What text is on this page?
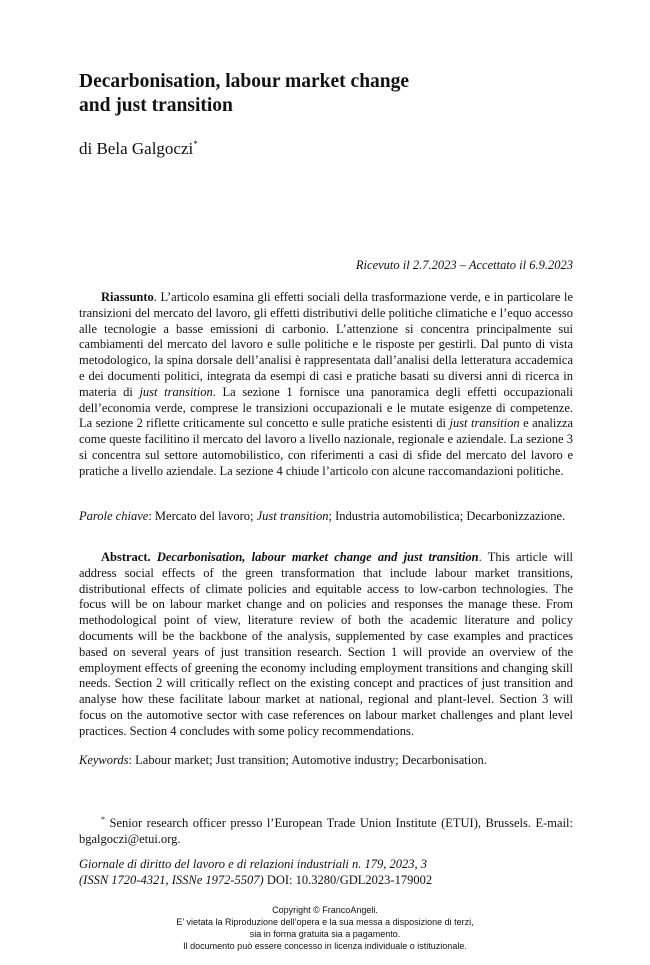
Decarbonisation, labour market change
and just transition
di Bela Galgoczi*
Ricevuto il 2.7.2023 – Accettato il 6.9.2023
Riassunto. L’articolo esamina gli effetti sociali della trasformazione verde, e in particolare le transizioni del mercato del lavoro, gli effetti distributivi delle politiche climatiche e l’equo accesso alle tecnologie a basse emissioni di carbonio. L’attenzione si concentra principalmente sui cambiamenti del mercato del lavoro e sulle politiche e le risposte per gestirli. Dal punto di vista metodologico, la spina dorsale dell’analisi è rappresentata dall’analisi della letteratura accademica e dei documenti politici, integrata da esempi di casi e pratiche basati su diversi anni di ricerca in materia di just transition. La sezione 1 fornisce una panoramica degli effetti occupazionali dell’economia verde, comprese le transizioni occupazionali e le mutate esigenze di competenze. La sezione 2 riflette criticamente sul concetto e sulle pratiche esistenti di just transition e analizza come queste facilitino il mercato del lavoro a livello nazionale, regionale e aziendale. La sezione 3 si concentra sul settore automobilistico, con riferimenti a casi di sfide del mercato del lavoro e pratiche a livello aziendale. La sezione 4 chiude l’articolo con alcune raccomandazioni politiche.
Parole chiave: Mercato del lavoro; Just transition; Industria automobilistica; Decarbonizzazione.
Abstract. Decarbonisation, labour market change and just transition. This article will address social effects of the green transformation that include labour market transitions, distributional effects of climate policies and equitable access to low-carbon technologies. The focus will be on labour market change and on policies and responses the manage these. From methodological point of view, literature review of both the academic literature and policy documents will be the backbone of the analysis, supplemented by case examples and practices based on several years of just transition research. Section 1 will provide an overview of the employment effects of greening the economy including employment transitions and changing skill needs. Section 2 will critically reflect on the existing concept and practices of just transition and analyse how these facilitate labour market at national, regional and plant-level. Section 3 will focus on the automotive sector with case references on labour market challenges and plant level practices. Section 4 concludes with some policy recommendations.
Keywords: Labour market; Just transition; Automotive industry; Decarbonisation.
* Senior research officer presso l’European Trade Union Institute (ETUI), Brussels. E-mail: bgalgoczi@etui.org.
Giornale di diritto del lavoro e di relazioni industriali n. 179, 2023, 3
(ISSN 1720-4321, ISSNe 1972-5507) DOI: 10.3280/GDL2023-179002
Copyright © FrancoAngeli.
E’ vietata la Riproduzione dell’opera e la sua messa a disposizione di terzi,
sia in forma gratuita sia a pagamento.
Il documento può essere concesso in licenza individuale o istituzionale.
